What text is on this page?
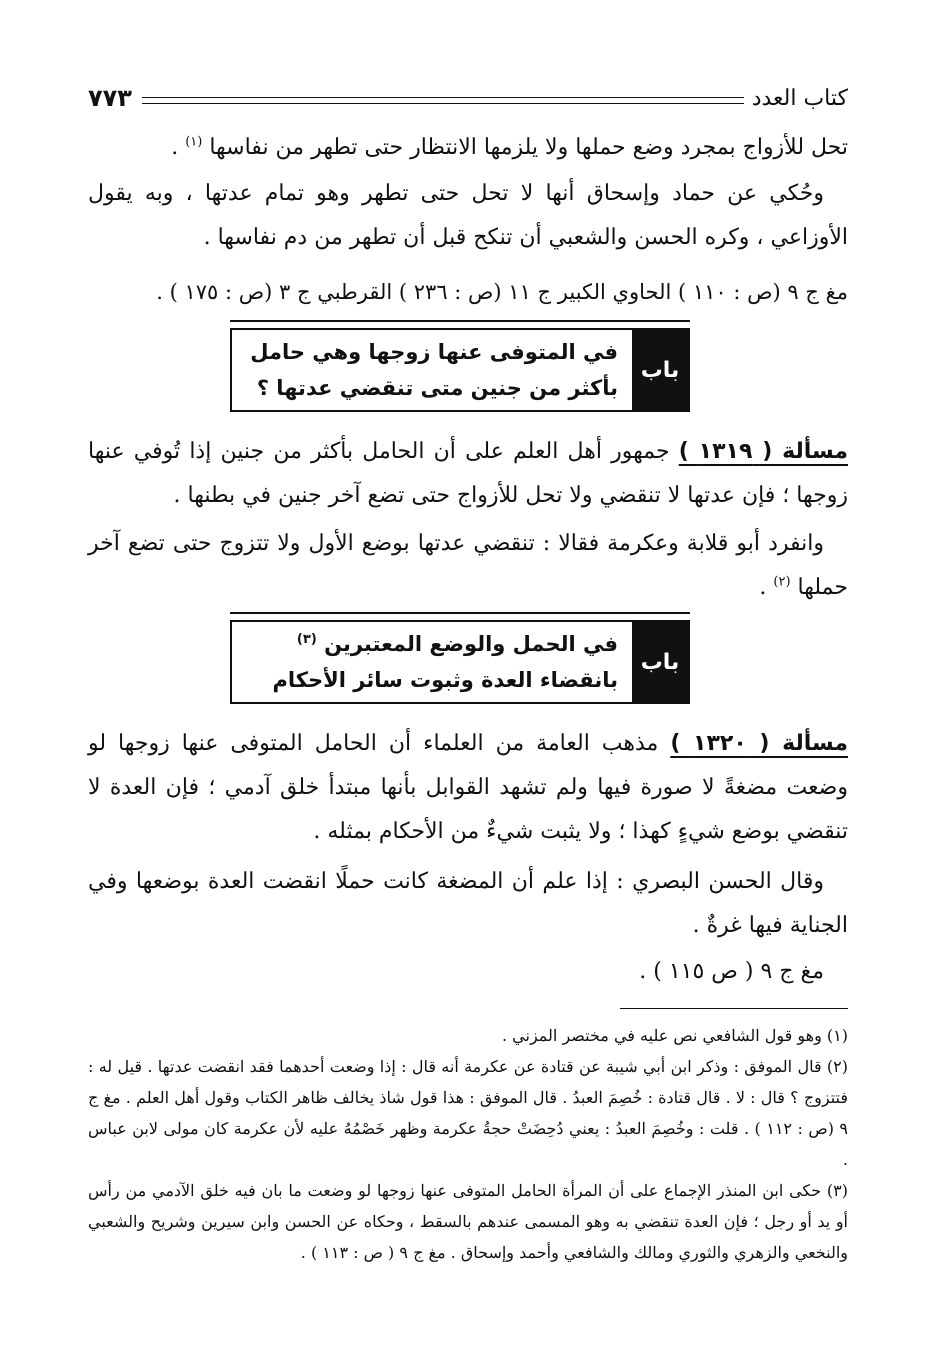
كتاب العدد
٧٧٣
تحل للأزواج بمجرد وضع حملها ولا يلزمها الانتظار حتى تطهر من نفاسها $^{(١)}$ .
وحُكي عن حماد وإسحاق أنها لا تحل حتى تطهر وهو تمام عدتها ، وبه يقول الأوزاعي ، وكره الحسن والشعبي أن تنكح قبل أن تطهر من دم نفاسها .
مغ ج ٩ (ص : ١١٠ ) الحاوي الكبير ج ١١ (ص : ٢٣٦ ) القرطبي ج ٣ (ص : ١٧٥ ) .
باب
في المتوفى عنها زوجها وهي حامل
بأكثر من جنين متى تنقضي عدتها ؟
مسألة ( ١٣١٩ ) جمهور أهل العلم على أن الحامل بأكثر من جنين إذا تُوفي عنها زوجها ؛ فإن عدتها لا تنقضي ولا تحل للأزواج حتى تضع آخر جنين في بطنها .
وانفرد أبو قلابة وعكرمة فقالا : تنقضي عدتها بوضع الأول ولا تتزوج حتى تضع آخر حملها $^{(٢)}$ .
باب
في الحمل والوضع المعتبرين $^{(٣)}$
بانقضاء العدة وثبوت سائر الأحكام
مسألة ( ١٣٢٠ ) مذهب العامة من العلماء أن الحامل المتوفى عنها زوجها لو وضعت مضغةً لا صورة فيها ولم تشهد القوابل بأنها مبتدأ خلق آدمي ؛ فإن العدة لا تنقضي بوضع شيءٍ كهذا ؛ ولا يثبت شيءٌ من الأحكام بمثله .
وقال الحسن البصري : إذا علم أن المضغة كانت حملًا انقضت العدة بوضعها وفي الجناية فيها غرةٌ .
مغ ج ٩ ( ص ١١٥ ) .

(١) وهو قول الشافعي نص عليه في مختصر المزني .

(٢) قال الموفق : وذكر ابن أبي شيبة عن قتادة عن عكرمة أنه قال : إذا وضعت أحدهما فقد انقضت عدتها . قيل له : فتتزوج ؟ قال : لا . قال قتادة : خُصِمَ العبدُ . قال الموفق : هذا قول شاذ يخالف ظاهر الكتاب وقول أهل العلم . مغ ج ٩ (ص : ١١٢ ) . قلت : وخُصِمَ العبدُ : يعني دُحِضَتْ حجةُ عكرمة وظهر خَصْمُهُ عليه لأن عكرمة كان مولى لابن عباس .

(٣) حكى ابن المنذر الإجماع على أن المرأة الحامل المتوفى عنها زوجها لو وضعت ما بان فيه خلق الآدمي من رأس أو يد أو رجل ؛ فإن العدة تنقضي به وهو المسمى عندهم بالسقط ، وحكاه عن الحسن وابن سيرين وشريح والشعبي والنخعي والزهري والثوري ومالك والشافعي وأحمد وإسحاق . مغ ج ٩ ( ص : ١١٣ ) .
